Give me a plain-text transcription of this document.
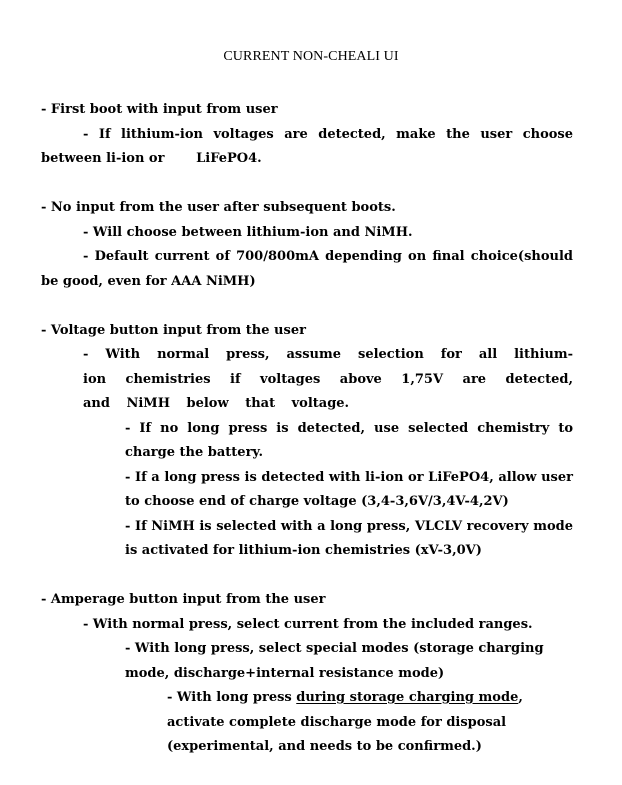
CURRENT NON-CHEALI UI
- First boot with input from user
- If lithium-ion voltages are detected, make the user choose between li-ion or       LiFePO4.
- No input from the user after subsequent boots.
- Will choose between lithium-ion and NiMH.
- Default current of 700/800mA depending on final choice(should be good, even for AAA NiMH)
- Voltage button input from the user
- With normal press, assume selection for all lithium-ion chemistries if voltages above 1,75V are detected, and NiMH below that voltage.
- If no long press is detected, use selected chemistry to charge the battery.
- If a long press is detected with li-ion or LiFePO4, allow user to choose end of charge voltage (3,4-3,6V/3,4V-4,2V)
- If NiMH is selected with a long press, VLCLV recovery mode is activated for lithium-ion chemistries (xV-3,0V)
- Amperage button input from the user
- With normal press, select current from the included ranges.
- With long press, select special modes (storage charging mode, discharge+internal resistance mode)
- With long press during storage charging mode, activate complete discharge mode for disposal (experimental, and needs to be confirmed.)
